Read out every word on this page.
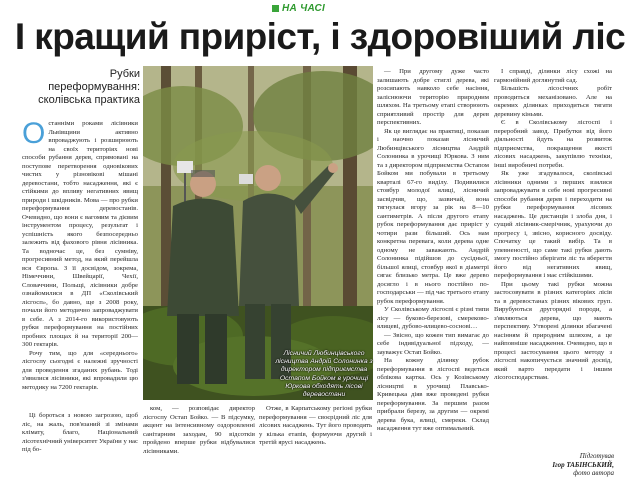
НА ЧАСІ
І кращий приріст, і здоровіший ліс
Рубки переформування: сколівська практика

Останніми роками лісівники Львівщини активно впроваджують і розширюють на своїх територіях нові способи рубання дерев, спрямовані на поступове перетворення одновікових чистих у різновікові мішані деревостани, тобто насадження, які є стійкими до впливу негативних явищ природи і шкідників. Мова — про рубки переформування деревостанів. Очевидно, що вони є вагомим та дієвим інструментом процесу, результат і успішність якого безпосередньо залежить від фахового рівня лісівника. Та водночас це, без сумніву, прогресивний метод, на який перейшла вся Європа. З її досвідом, зокрема, Німеччини, Швейцарії, Чехії, Словаччини, Польщі, лісівники добре ознайомилися в ДП «Сколівський лісгосп», бо давно, ще з 2008 року, почали його методично запроваджувати в себе. А з 2014-го використовують рубки переформування на постійних пробних площах й на території 200—300 гектарів.

Рочу тим, що для «середнього» лісгоспу сьогодні є належні зручності для проведення згаданих рубань. Тоді з'явилися лісівники, які впровадили цю методику на 7200 гектарів.

Ці бороться з новою загрозою, щоб ліс, на жаль, пов'язаний зі змінами клімату, благо, Національний лісотехнічний університет України у нас під бо-

Лісничий Любинцівського лісництва Андрій Солонинка з директором підприємства Остапом Бойком в урочищі Юркова обходять лісові деревостани

ком, — розповідає директор лісгоспу Остап Бойко. — В підсумку, акцент на інтенсивному оздоровленні санітарним заходам, 90 відсотків пройдено вперше рубки відбувалися лісівниками.

Отже, в Карпатському регіоні рубки переформування — своєрідний ліс для лісових насаджень. Тут його проводять у кілька етапів, формуючи другий і третій ярусі насаджень.

— При другому дуже часто залишають добре стиглі дерева, які розсипають навколо себе насіння, заліснюючи територію природним шляхом. На третьому етапі створюють сприятливий простір для дерев перспективних.

Як це виглядає на практиці, показав і наочно показав лісничий Любинцівського лісництва Андрій Солонинка в урочищі Юркова. З ним та з директором підприємства Остапом Бойком ми побували в третьому кварталі 67-го виділу. Подивилися стовбур молодої ялиці, лісничий засвідчив, що, зазвичай, вона тягнулася вгору за рік на 8—10 сантиметрів. А після другого етапу рубок переформування дає приріст у чотири рази більший. Ось нам конкретна перевага, коли дерева одне одному не заважають. Андрій Солонинка підійшов до сусідньої, більшої ялиці, стовбур якої в діаметрі сягає близько метра. Це вже дерево досягло і в нього постійно по-господарськи — під час третього етапу рубок переформування.

У Сколівському лісгоспі є різні типи лісу — буково-березові, смереково-ялицеві, дубово-ялицево-соснові…

— Звісно, що кожен тип вимагає до себе індивідуальної підходу, — зауважує Остап Бойко.

На кожну ділянку рубок переформування в лісгоспі ведеться облікова картка. Ось у Козівському лісництві в урочищі Плавсько-Кривецька діяв вже проведені рубки переформування. За першим разом прибрали березу, за другим — окремі дерева бука, ялиці, смереки. Склад насадження тут вже оптимальний.

І справді, ділянки лісу схожі на гармонійний доглянутий сад.

Більшість лісосічних робіт проводиться механізовано. Але на окремих ділянках приходиться тягати деревину кіньми.

Є в Сколівському лісгоспі і переробний завод. Прибутки від його діяльності йдуть на розвиток підприємства, покращення якості лісових насаджень, закупівлю техніки, інші виробничі потреби.

Як уже згадувалося, сколівські лісівники одними з перших взялися запроваджувати в себе нові прогресивні способи рубання дерев і переходити на рубки переформування лісових насаджень. Це дистанція і злоба дня, і сущий лісівник-смерічник, урахуючи до прогресу і, звісно, корисного досвіду. Спочатку це такий вибір. Та в упевненості, що саме такі рубки дають змогу постійно зберігати ліс та вберегти його від негативних явищ, переформування і має стійкішими.

При цьому такі рубки можна застосовувати в різних категоріях лісів та в деревостанах різних вікових груп. Вирубуються другорядні породи, а з'являються дерева, що мають перспективу. Утворені ділянки збагачені насінням й природним шляхом, а це найповніше насадження. Очевидно, що в процесі застосування цього методу з лісгоспі накопичується значний досвід, який варто передати і іншим лісогосподарствам.

Підготував
Ігор ТАБІНСЬКИЙ,
фото автора
